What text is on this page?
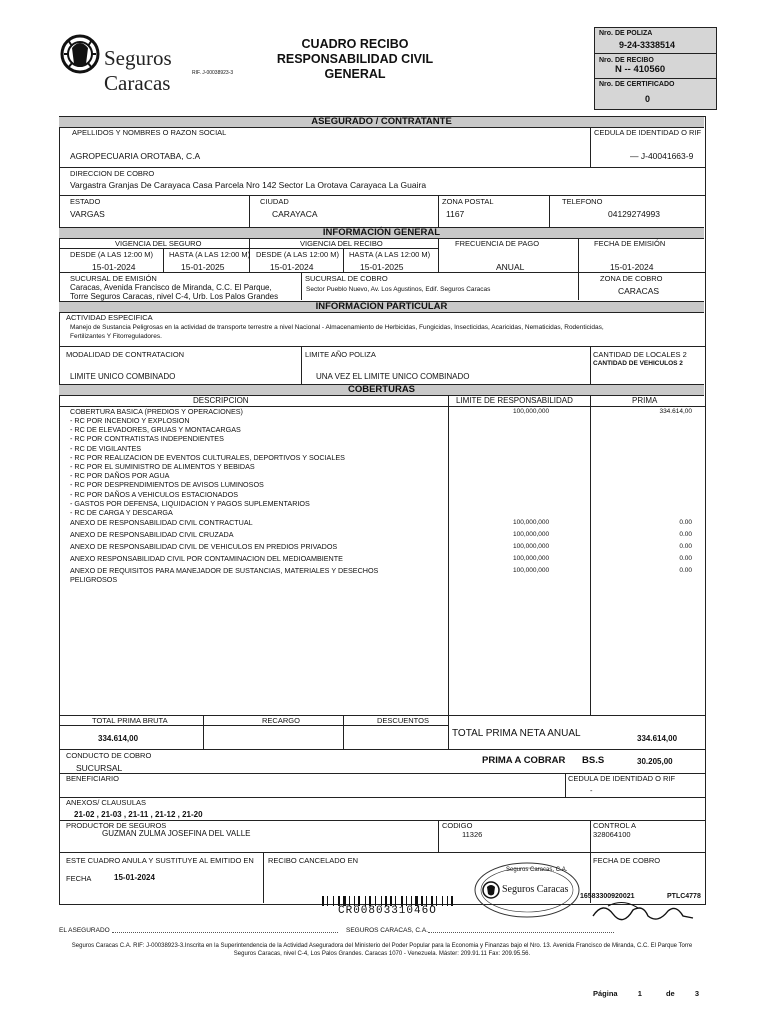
Seguros Caracas	RIF. J-00038923-3
CUADRO RECIBO
RESPONSABILIDAD CIVIL
GENERAL
Nro. DE POLIZA
9-24-3338514
Nro. DE RECIBO
N -- 410560
Nro. DE CERTIFICADO
0
ASEGURADO / CONTRATANTE
APELLIDOS Y NOMBRES O RAZON SOCIAL
AGROPECUARIA OROTABA, C.A
CEDULA DE IDENTIDAD O RIF
— J-40041663-9
DIRECCION DE COBRO
Vargastra Granjas De Carayaca Casa Parcela Nro 142 Sector La Orotava Carayaca La Guaira
ESTADO
VARGAS
CIUDAD
CARAYACA
ZONA POSTAL
1167
TELEFONO
04129274993
INFORMACIÓN GENERAL
VIGENCIA DEL SEGURO	VIGENCIA DEL RECIBO
DESDE (A LAS 12:00 M) HASTA (A LAS 12:00 M) DESDE (A LAS 12:00 M) HASTA (A LAS 12:00 M)
15-01-2024	15-01-2025	15-01-2024	15-01-2025
FRECUENCIA DE PAGO
ANUAL
FECHA DE EMISIÓN
15-01-2024
SUCURSAL DE EMISIÓN
Caracas, Avenida Francisco de Miranda, C.C. El Parque,
Torre Seguros Caracas, nivel C-4, Urb. Los Palos Grandes
SUCURSAL DE COBRO
Sector Pueblo Nuevo, Av. Los Agustinos, Edif. Seguros Caracas
ZONA DE COBRO
CARACAS
INFORMACION PARTICULAR
ACTIVIDAD ESPECIFICA
Manejo de Sustancia Peligrosas en la actividad de transporte terrestre a nivel Nacional - Almacenamiento de Herbicidas, Fungicidas, Insecticidas, Acaricidas, Nematicidas, Rodenticidas,
Fertilizantes Y Fitorreguladores.
MODALIDAD DE CONTRATACION
LIMITE UNICO COMBINADO
LIMITE AÑO POLIZA
UNA VEZ EL LIMITE UNICO COMBINADO
CANTIDAD DE LOCALES 2
CANTIDAD DE VEHICULOS 2
COBERTURAS
DESCRIPCION	LIMITE DE RESPONSABILIDAD	PRIMA
COBERTURA BASICA (PREDIOS Y OPERACIONES)	100,000,000	334.614,00
- RC POR INCENDIO Y EXPLOSION
- RC DE ELEVADORES, GRUAS Y MONTACARGAS
- RC POR CONTRATISTAS INDEPENDIENTES
- RC DE VIGILANTES
- RC POR REALIZACION DE EVENTOS CULTURALES, DEPORTIVOS Y SOCIALES
- RC POR EL SUMINISTRO DE ALIMENTOS Y BEBIDAS
- RC POR DAÑOS POR AGUA
- RC POR DESPRENDIMIENTOS DE AVISOS LUMINOSOS
- RC POR DAÑOS A VEHICULOS ESTACIONADOS
- GASTOS POR DEFENSA, LIQUIDACION Y PAGOS SUPLEMENTARIOS
- RC DE CARGA Y DESCARGA
ANEXO DE RESPONSABILIDAD CIVIL CONTRACTUAL	100,000,000	0.00
ANEXO DE RESPONSABILIDAD CIVIL CRUZADA	100,000,000	0.00
ANEXO DE RESPONSABILIDAD CIVIL DE VEHICULOS EN PREDIOS PRIVADOS	100,000,000	0.00
ANEXO RESPONSABILIDAD CIVIL POR CONTAMINACION DEL MEDIOAMBIENTE	100,000,000	0.00
ANEXO DE REQUISITOS PARA MANEJADOR DE SUSTANCIAS, MATERIALES Y DESECHOS	100,000,000	0.00
PELIGROSOS
TOTAL PRIMA BRUTA
334.614,00
RECARGO	DESCUENTOS
TOTAL PRIMA NETA ANUAL	334.614,00
CONDUCTO DE COBRO
SUCURSAL
PRIMA A COBRAR BS.S	30.205,00
BENEFICIARIO	CEDULA DE IDENTIDAD O RIF
-
ANEXOS/ CLAUSULAS
21-02 , 21-03 , 21-11 , 21-12 , 21-20
PRODUCTOR DE SEGUROS
GUZMAN ZULMA JOSEFINA DEL VALLE
CODIGO
11326
CONTROL A
328064100
ESTE CUADRO ANULA Y SUSTITUYE AL EMITIDO EN
FECHA	15-01-2024
RECIBO CANCELADO EN	FECHA DE COBRO
Seguros Caracas, C.A.
Seguros Caracas
CR0080331046O
16583300920021	PTLC4778
EL ASEGURADO	SEGUROS CARACAS, C.A.
Seguros Caracas C.A. RIF: J-00038923-3.Inscrita en la Superintendencia de la Actividad Aseguradora del Ministerio del Poder Popular para la Economia y Finanzas bajo el Nro. 13. Avenida Francisco de Miranda, C.C. El Parque Torre
Seguros Caracas, nivel C-4, Los Palos Grandes. Caracas 1070 - Venezuela. Máster: 209.91.11 Fax: 209.95.56.
Página	1	de	3
